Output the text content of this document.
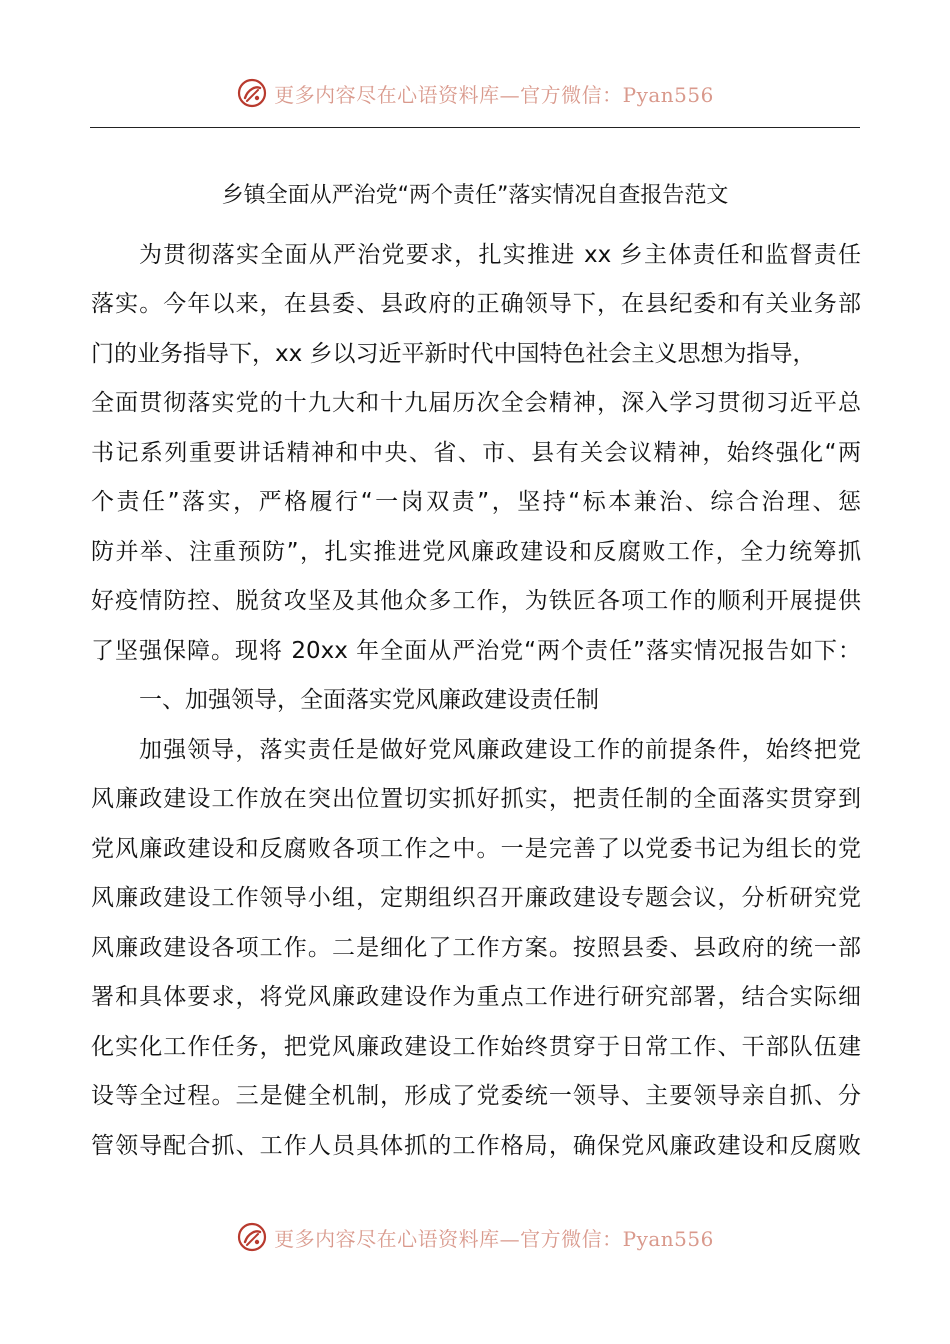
更多内容尽在心语资料库—官方微信：Pyan556
乡镇全面从严治党“两个责任”落实情况自查报告范文
为贯彻落实全面从严治党要求，扎实推进 xx 乡主体责任和监督责任
落实。今年以来，在县委、县政府的正确领导下，在县纪委和有关业务部
门的业务指导下，xx 乡以习近平新时代中国特色社会主义思想为指导，
全面贯彻落实党的十九大和十九届历次全会精神，深入学习贯彻习近平总
书记系列重要讲话精神和中央、省、市、县有关会议精神，始终强化“两
个责任”落实，严格履行“一岗双责”，坚持“标本兼治、综合治理、惩
防并举、注重预防”，扎实推进党风廉政建设和反腐败工作，全力统筹抓
好疫情防控、脱贫攻坚及其他众多工作，为铁匠各项工作的顺利开展提供
了坚强保障。现将 20xx 年全面从严治党“两个责任”落实情况报告如下：
一、加强领导，全面落实党风廉政建设责任制
加强领导，落实责任是做好党风廉政建设工作的前提条件，始终把党
风廉政建设工作放在突出位置切实抓好抓实，把责任制的全面落实贯穿到
党风廉政建设和反腐败各项工作之中。一是完善了以党委书记为组长的党
风廉政建设工作领导小组，定期组织召开廉政建设专题会议，分析研究党
风廉政建设各项工作。二是细化了工作方案。按照县委、县政府的统一部
署和具体要求，将党风廉政建设作为重点工作进行研究部署，结合实际细
化实化工作任务，把党风廉政建设工作始终贯穿于日常工作、干部队伍建
设等全过程。三是健全机制，形成了党委统一领导、主要领导亲自抓、分
管领导配合抓、工作人员具体抓的工作格局，确保党风廉政建设和反腐败
更多内容尽在心语资料库—官方微信：Pyan556
